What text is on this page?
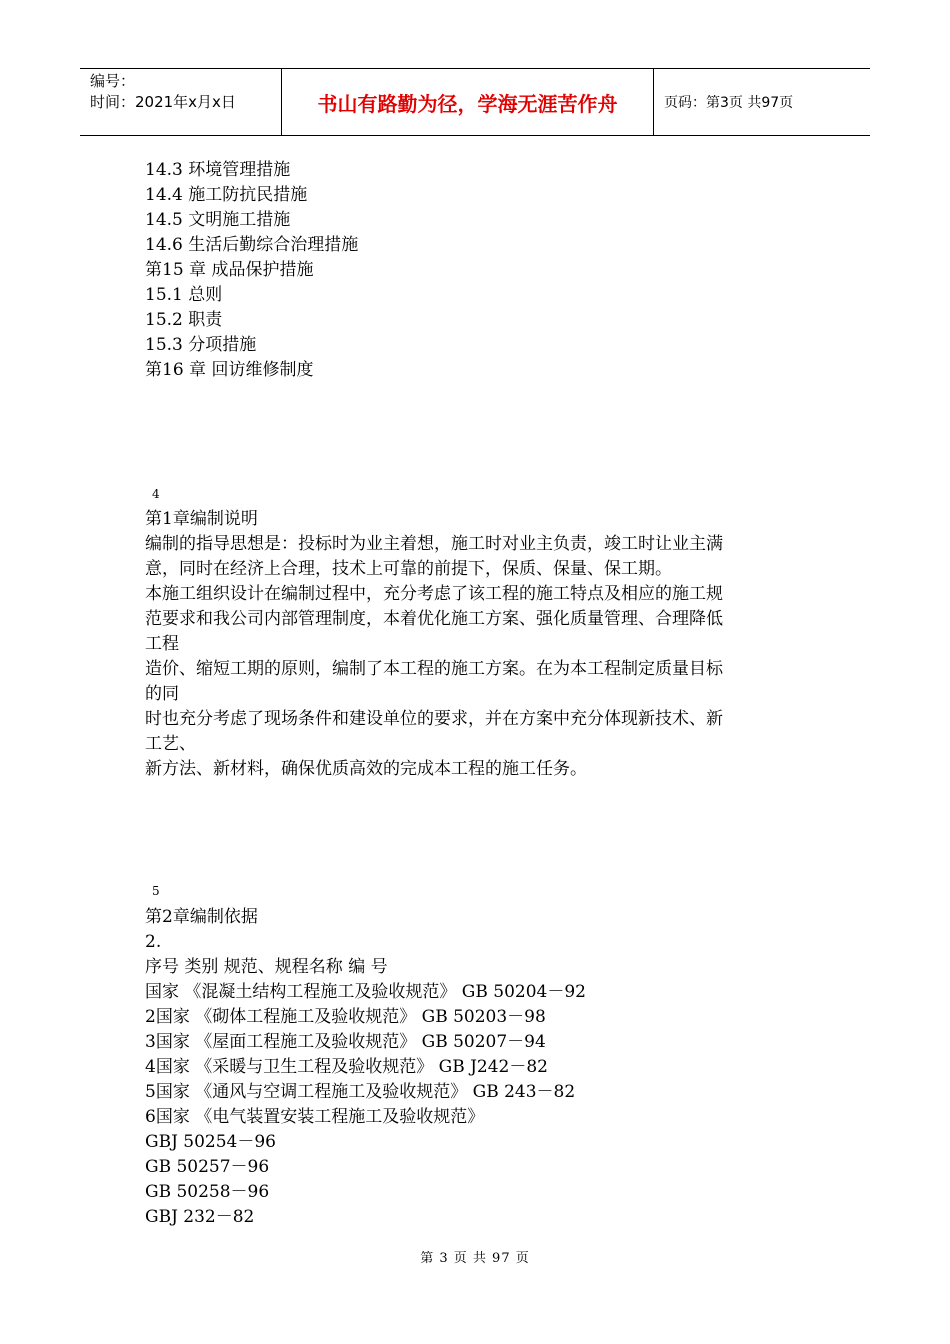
编号：
时间：2021年x月x日	书山有路勤为径，学海无涯苦作舟	页码：第3页 共97页
14.3 环境管理措施
14.4 施工防抗民措施
14.5 文明施工措施
14.6 生活后勤综合治理措施
第15 章 成品保护措施
15.1 总则
15.2 职责
15.3 分项措施
第16 章 回访维修制度
4
第1章编制说明
编制的指导思想是：投标时为业主着想，施工时对业主负责，竣工时让业主满
意，同时在经济上合理，技术上可靠的前提下，保质、保量、保工期。
本施工组织设计在编制过程中，充分考虑了该工程的施工特点及相应的施工规
范要求和我公司内部管理制度，本着优化施工方案、强化质量管理、合理降低
工程
造价、缩短工期的原则，编制了本工程的施工方案。在为本工程制定质量目标
的同
时也充分考虑了现场条件和建设单位的要求，并在方案中充分体现新技术、新
工艺、
新方法、新材料，确保优质高效的完成本工程的施工任务。
5
第2章编制依据
2.
序号 类别 规范、规程名称 编 号
国家 《混凝土结构工程施工及验收规范》 GB 50204－92
2国家 《砌体工程施工及验收规范》 GB 50203－98
3国家 《屋面工程施工及验收规范》 GB 50207－94
4国家 《采暖与卫生工程及验收规范》 GB J242－82
5国家 《通风与空调工程施工及验收规范》 GB 243－82
6国家 《电气装置安装工程施工及验收规范》
GBJ 50254－96
GB 50257－96
GB 50258－96
GBJ 232－82
第 3 页 共 97 页
